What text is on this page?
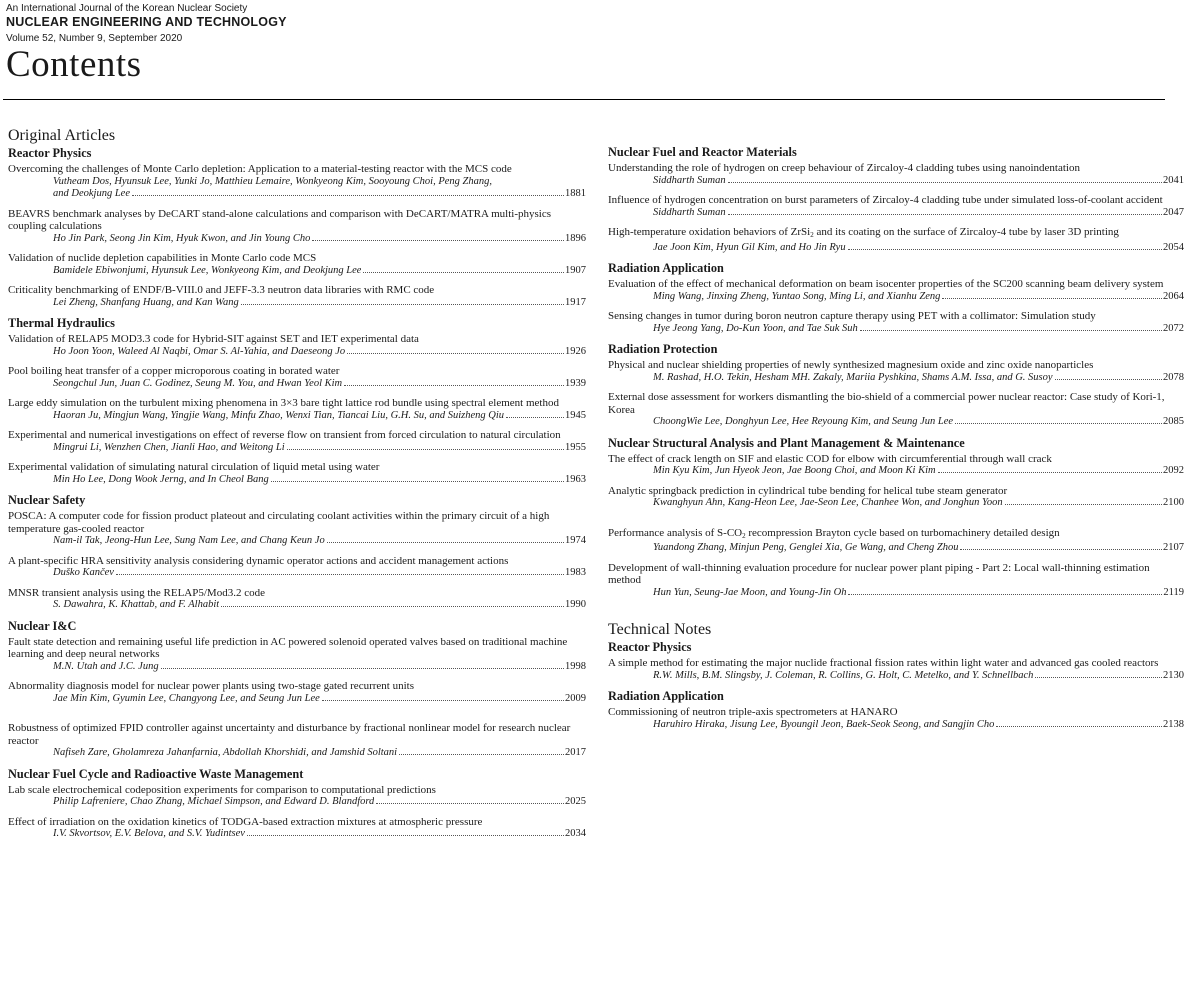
An International Journal of the Korean Nuclear Society
NUCLEAR ENGINEERING AND TECHNOLOGY
Volume 52, Number 9, September 2020
Contents
Original Articles
Reactor Physics
Overcoming the challenges of Monte Carlo depletion: Application to a material-testing reactor with the MCS code
Vutheam Dos, Hyunsuk Lee, Yunki Jo, Matthieu Lemaire, Wonkyeong Kim, Sooyoung Choi, Peng Zhang,
and Deokjung Lee	1881
BEAVRS benchmark analyses by DeCART stand-alone calculations and comparison with DeCART/MATRA multi-physics coupling calculations
Ho Jin Park, Seong Jin Kim, Hyuk Kwon, and Jin Young Cho	1896
Validation of nuclide depletion capabilities in Monte Carlo code MCS
Bamidele Ebiwonjumi, Hyunsuk Lee, Wonkyeong Kim, and Deokjung Lee	1907
Criticality benchmarking of ENDF/B-VIII.0 and JEFF-3.3 neutron data libraries with RMC code
Lei Zheng, Shanfang Huang, and Kan Wang	1917
Thermal Hydraulics
Validation of RELAP5 MOD3.3 code for Hybrid-SIT against SET and IET experimental data
Ho Joon Yoon, Waleed Al Naqbi, Omar S. Al-Yahia, and Daeseong Jo	1926
Pool boiling heat transfer of a copper microporous coating in borated water
Seongchul Jun, Juan C. Godinez, Seung M. You, and Hwan Yeol Kim	1939
Large eddy simulation on the turbulent mixing phenomena in 3×3 bare tight lattice rod bundle using spectral element method
Haoran Ju, Mingjun Wang, Yingjie Wang, Minfu Zhao, Wenxi Tian, Tiancai Liu, G.H. Su, and Suizheng Qiu	1945
Experimental and numerical investigations on effect of reverse flow on transient from forced circulation to natural circulation
Mingrui Li, Wenzhen Chen, Jianli Hao, and Weitong Li	1955
Experimental validation of simulating natural circulation of liquid metal using water
Min Ho Lee, Dong Wook Jerng, and In Cheol Bang	1963
Nuclear Safety
POSCA: A computer code for fission product plateout and circulating coolant activities within the primary circuit of a high temperature gas-cooled reactor
Nam-il Tak, Jeong-Hun Lee, Sung Nam Lee, and Chang Keun Jo	1974
A plant-specific HRA sensitivity analysis considering dynamic operator actions and accident management actions
Duško Kančev	1983
MNSR transient analysis using the RELAP5/Mod3.2 code
S. Dawahra, K. Khattab, and F. Alhabit	1990
Nuclear I&C
Fault state detection and remaining useful life prediction in AC powered solenoid operated valves based on traditional machine learning and deep neural networks
M.N. Utah and J.C. Jung	1998
Abnormality diagnosis model for nuclear power plants using two-stage gated recurrent units
Jae Min Kim, Gyumin Lee, Changyong Lee, and Seung Jun Lee	2009
Robustness of optimized FPID controller against uncertainty and disturbance by fractional nonlinear model for research nuclear reactor
Nafiseh Zare, Gholamreza Jahanfarnia, Abdollah Khorshidi, and Jamshid Soltani	2017
Nuclear Fuel Cycle and Radioactive Waste Management
Lab scale electrochemical codeposition experiments for comparison to computational predictions
Philip Lafreniere, Chao Zhang, Michael Simpson, and Edward D. Blandford	2025
Effect of irradiation on the oxidation kinetics of TODGA-based extraction mixtures at atmospheric pressure
I.V. Skvortsov, E.V. Belova, and S.V. Yudintsev	2034
Nuclear Fuel and Reactor Materials
Understanding the role of hydrogen on creep behaviour of Zircaloy-4 cladding tubes using nanoindentation
Siddharth Suman	2041
Influence of hydrogen concentration on burst parameters of Zircaloy-4 cladding tube under simulated loss-of-coolant accident
Siddharth Suman	2047
High-temperature oxidation behaviors of ZrSi$_2$ and its coating on the surface of Zircaloy-4 tube by laser 3D printing
Jae Joon Kim, Hyun Gil Kim, and Ho Jin Ryu	2054
Radiation Application
Evaluation of the effect of mechanical deformation on beam isocenter properties of the SC200 scanning beam delivery system
Ming Wang, Jinxing Zheng, Yuntao Song, Ming Li, and Xianhu Zeng	2064
Sensing changes in tumor during boron neutron capture therapy using PET with a collimator: Simulation study
Hye Jeong Yang, Do-Kun Yoon, and Tae Suk Suh	2072
Radiation Protection
Physical and nuclear shielding properties of newly synthesized magnesium oxide and zinc oxide nanoparticles
M. Rashad, H.O. Tekin, Hesham MH. Zakaly, Mariia Pyshkina, Shams A.M. Issa, and G. Susoy	2078
External dose assessment for workers dismantling the bio-shield of a commercial power nuclear reactor: Case study of Kori-1, Korea
ChoongWie Lee, Donghyun Lee, Hee Reyoung Kim, and Seung Jun Lee	2085
Nuclear Structural Analysis and Plant Management & Maintenance
The effect of crack length on SIF and elastic COD for elbow with circumferential through wall crack
Min Kyu Kim, Jun Hyeok Jeon, Jae Boong Choi, and Moon Ki Kim	2092
Analytic springback prediction in cylindrical tube bending for helical tube steam generator
Kwanghyun Ahn, Kang-Heon Lee, Jae-Seon Lee, Chanhee Won, and Jonghun Yoon	2100
Performance analysis of $S-CO_2$ recompression Brayton cycle based on turbomachinery detailed design
Yuandong Zhang, Minjun Peng, Genglei Xia, Ge Wang, and Cheng Zhou	2107
Development of wall-thinning evaluation procedure for nuclear power plant piping - Part 2: Local wall-thinning estimation method
Hun Yun, Seung-Jae Moon, and Young-Jin Oh	2119
Technical Notes
Reactor Physics
A simple method for estimating the major nuclide fractional fission rates within light water and advanced gas cooled reactors
R.W. Mills, B.M. Slingsby, J. Coleman, R. Collins, G. Holt, C. Metelko, and Y. Schnellbach	2130
Radiation Application
Commissioning of neutron triple-axis spectrometers at HANARO
Haruhiro Hiraka, Jisung Lee, Byoungil Jeon, Baek-Seok Seong, and Sangjin Cho	2138
